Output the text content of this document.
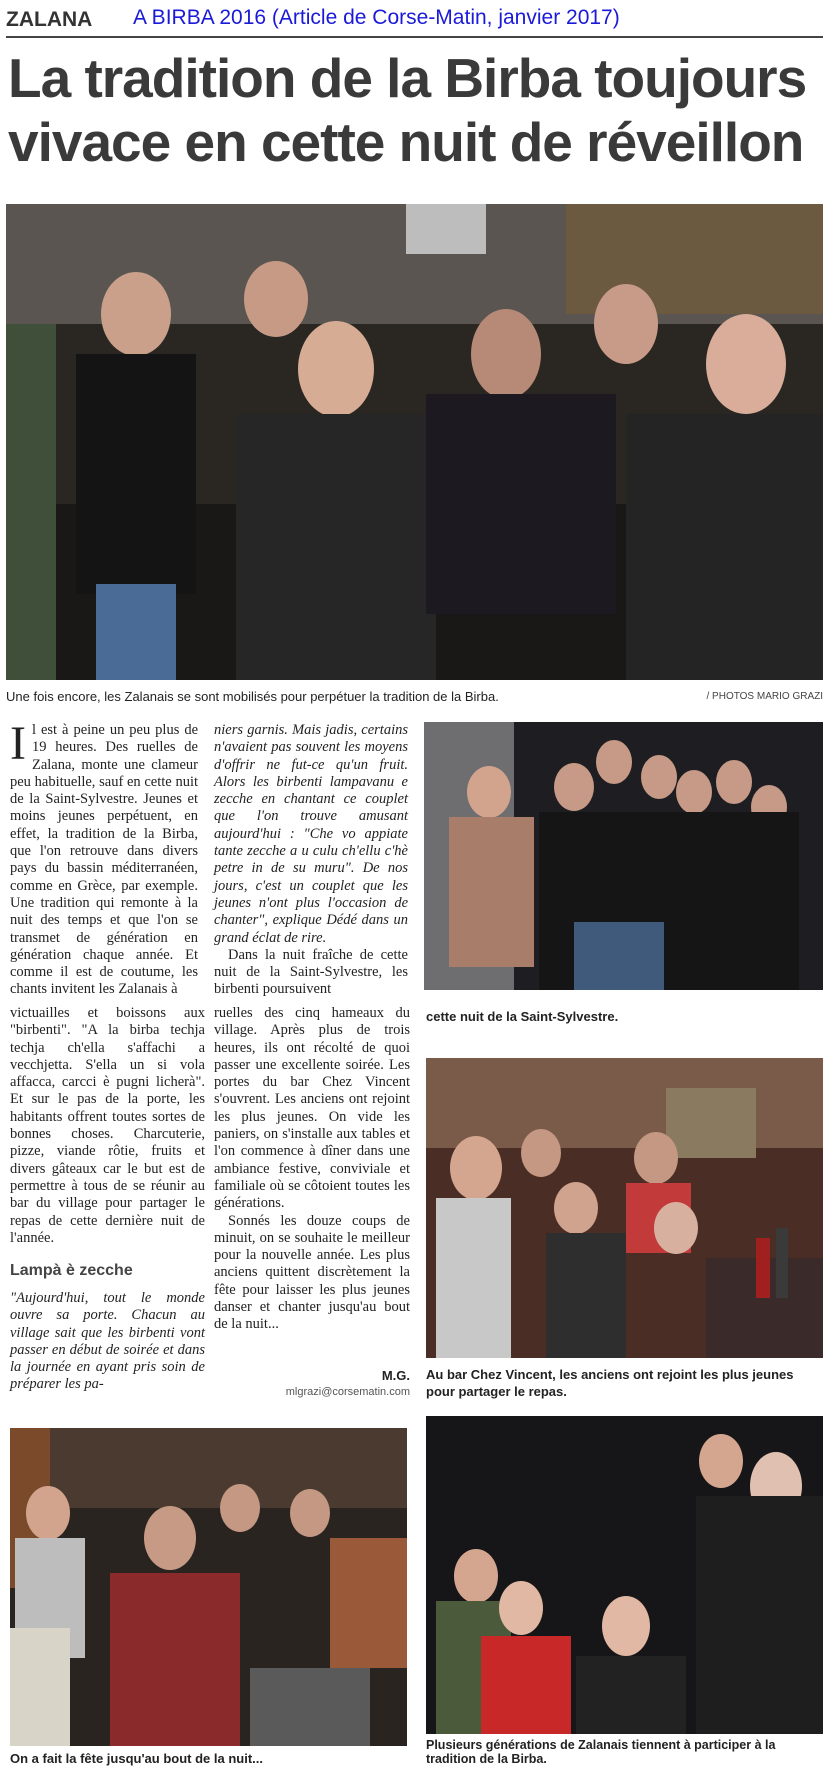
ZALANA A BIRBA 2016 (Article de Corse-Matin, janvier 2017)
La tradition de la Birba toujours vivace en cette nuit de réveillon
Une fois encore, les Zalanais se sont mobilisés pour perpétuer la tradition de la Birba.	/ PHOTOS MARIO GRAZI
cette nuit de la Saint-Sylvestre.
Il est à peine un peu plus de 19 heures. Des ruelles de Zalana, monte une clameur peu habituelle, sauf en cette nuit de la Saint-Sylvestre. Jeunes et moins jeunes perpétuent, en effet, la tradition de la Birba, que l'on retrouve dans divers pays du bassin méditerranéen, comme en Grèce, par exemple. Une tradition qui remonte à la nuit des temps et que l'on se transmet de génération en génération chaque année. Et comme il est de coutume, les chants invitent les Zalanais à

niers garnis. Mais jadis, certains n'avaient pas souvent les moyens d'offrir ne fut-ce qu'un fruit. Alors les birbenti lampavanu e zecche en chantant ce couplet que l'on trouve amusant aujourd'hui : "Che vo appiate tante zecche a u culu ch'ellu c'hè petre in de su muru". De nos jours, c'est un couplet que les jeunes n'ont plus l'occasion de chanter", explique Dédé dans un grand éclat de rire.

Dans la nuit fraîche de cette nuit de la Saint-Sylvestre, les birbenti poursuivent

victuailles et boissons aux "birbenti". "A la birba techja techja ch'ella s'affachi a vecchjetta. S'ella un si vola affacca, carcci è pugni licherà". Et sur le pas de la porte, les habitants offrent toutes sortes de bonnes choses. Charcuterie, pizze, viande rôtie, fruits et divers gâteaux car le but est de permettre à tous de se réunir au bar du village pour partager le repas de cette dernière nuit de l'année.

Lampà è zecche

"Aujourd'hui, tout le monde ouvre sa porte. Chacun au village sait que les birbenti vont passer en début de soirée et dans la journée en ayant pris soin de préparer les pa-

ruelles des cinq hameaux du village. Après plus de trois heures, ils ont récolté de quoi passer une excellente soirée. Les portes du bar Chez Vincent s'ouvrent. Les anciens ont rejoint les plus jeunes. On vide les paniers, on s'installe aux tables et l'on commence à dîner dans une ambiance festive, conviviale et familiale où se côtoient toutes les générations.

Sonnés les douze coups de minuit, on se souhaite le meilleur pour la nouvelle année. Les plus anciens quittent discrètement la fête pour laisser les plus jeunes danser et chanter jusqu'au bout de la nuit...

M.G.
mlgrazi@corsematin.com
Au bar Chez Vincent, les anciens ont rejoint les plus jeunes pour partager le repas.
On a fait la fête jusqu'au bout de la nuit...
Plusieurs générations de Zalanais tiennent à participer à la tradition de la Birba.
